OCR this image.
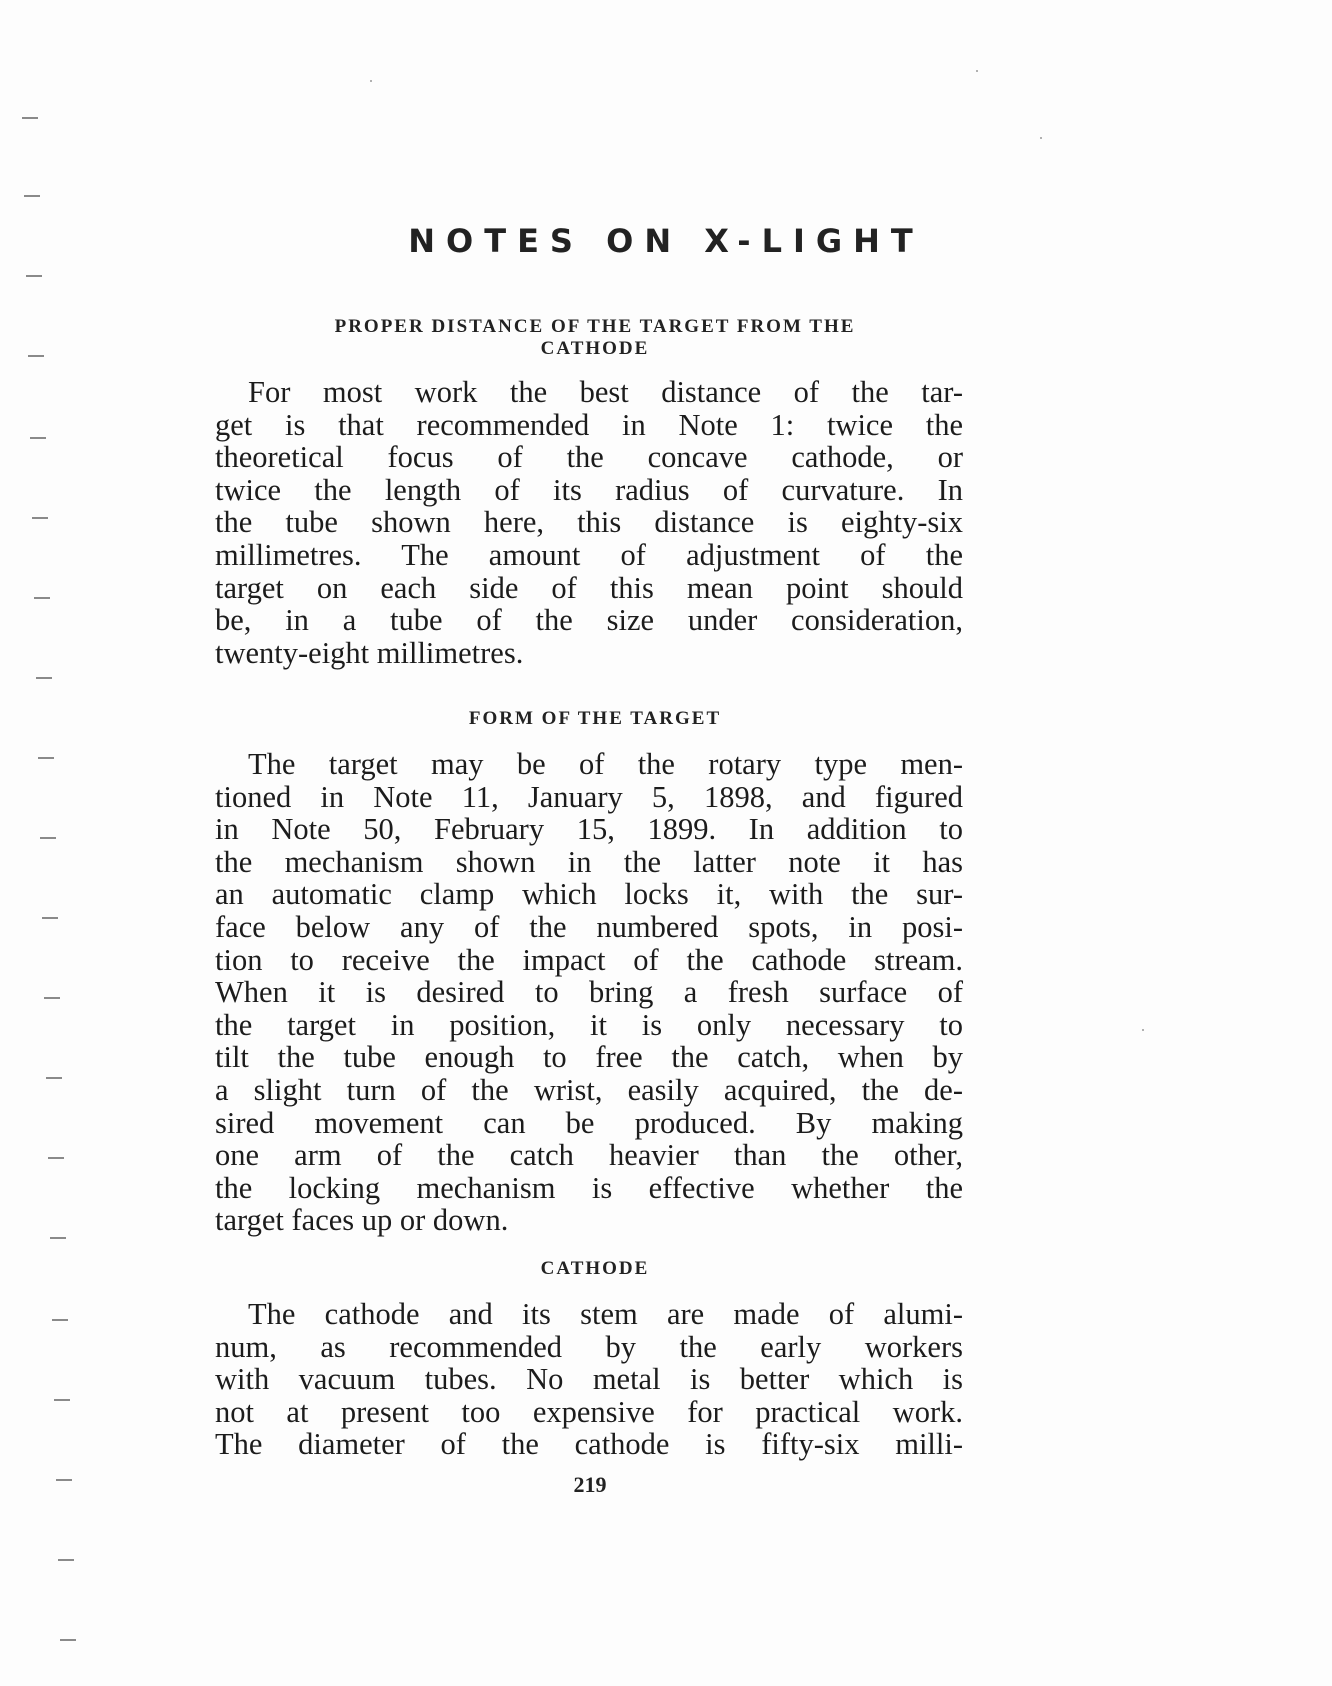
NOTES ON X-LIGHT
PROPER DISTANCE OF THE TARGET FROM THE
CATHODE
For most work the best distance of the tar-
get is that recommended in Note 1: twice the
theoretical focus of the concave cathode, or
twice the length of its radius of curvature. In
the tube shown here, this distance is eighty-six
millimetres. The amount of adjustment of the
target on each side of this mean point should
be, in a tube of the size under consideration,
twenty-eight millimetres.
FORM OF THE TARGET
The target may be of the rotary type men-
tioned in Note 11, January 5, 1898, and figured
in Note 50, February 15, 1899. In addition to
the mechanism shown in the latter note it has
an automatic clamp which locks it, with the sur-
face below any of the numbered spots, in posi-
tion to receive the impact of the cathode stream.
When it is desired to bring a fresh surface of
the target in position, it is only necessary to
tilt the tube enough to free the catch, when by
a slight turn of the wrist, easily acquired, the de-
sired movement can be produced. By making
one arm of the catch heavier than the other,
the locking mechanism is effective whether the
target faces up or down.
CATHODE
The cathode and its stem are made of alumi-
num, as recommended by the early workers
with vacuum tubes. No metal is better which is
not at present too expensive for practical work.
The diameter of the cathode is fifty-six milli-
219
